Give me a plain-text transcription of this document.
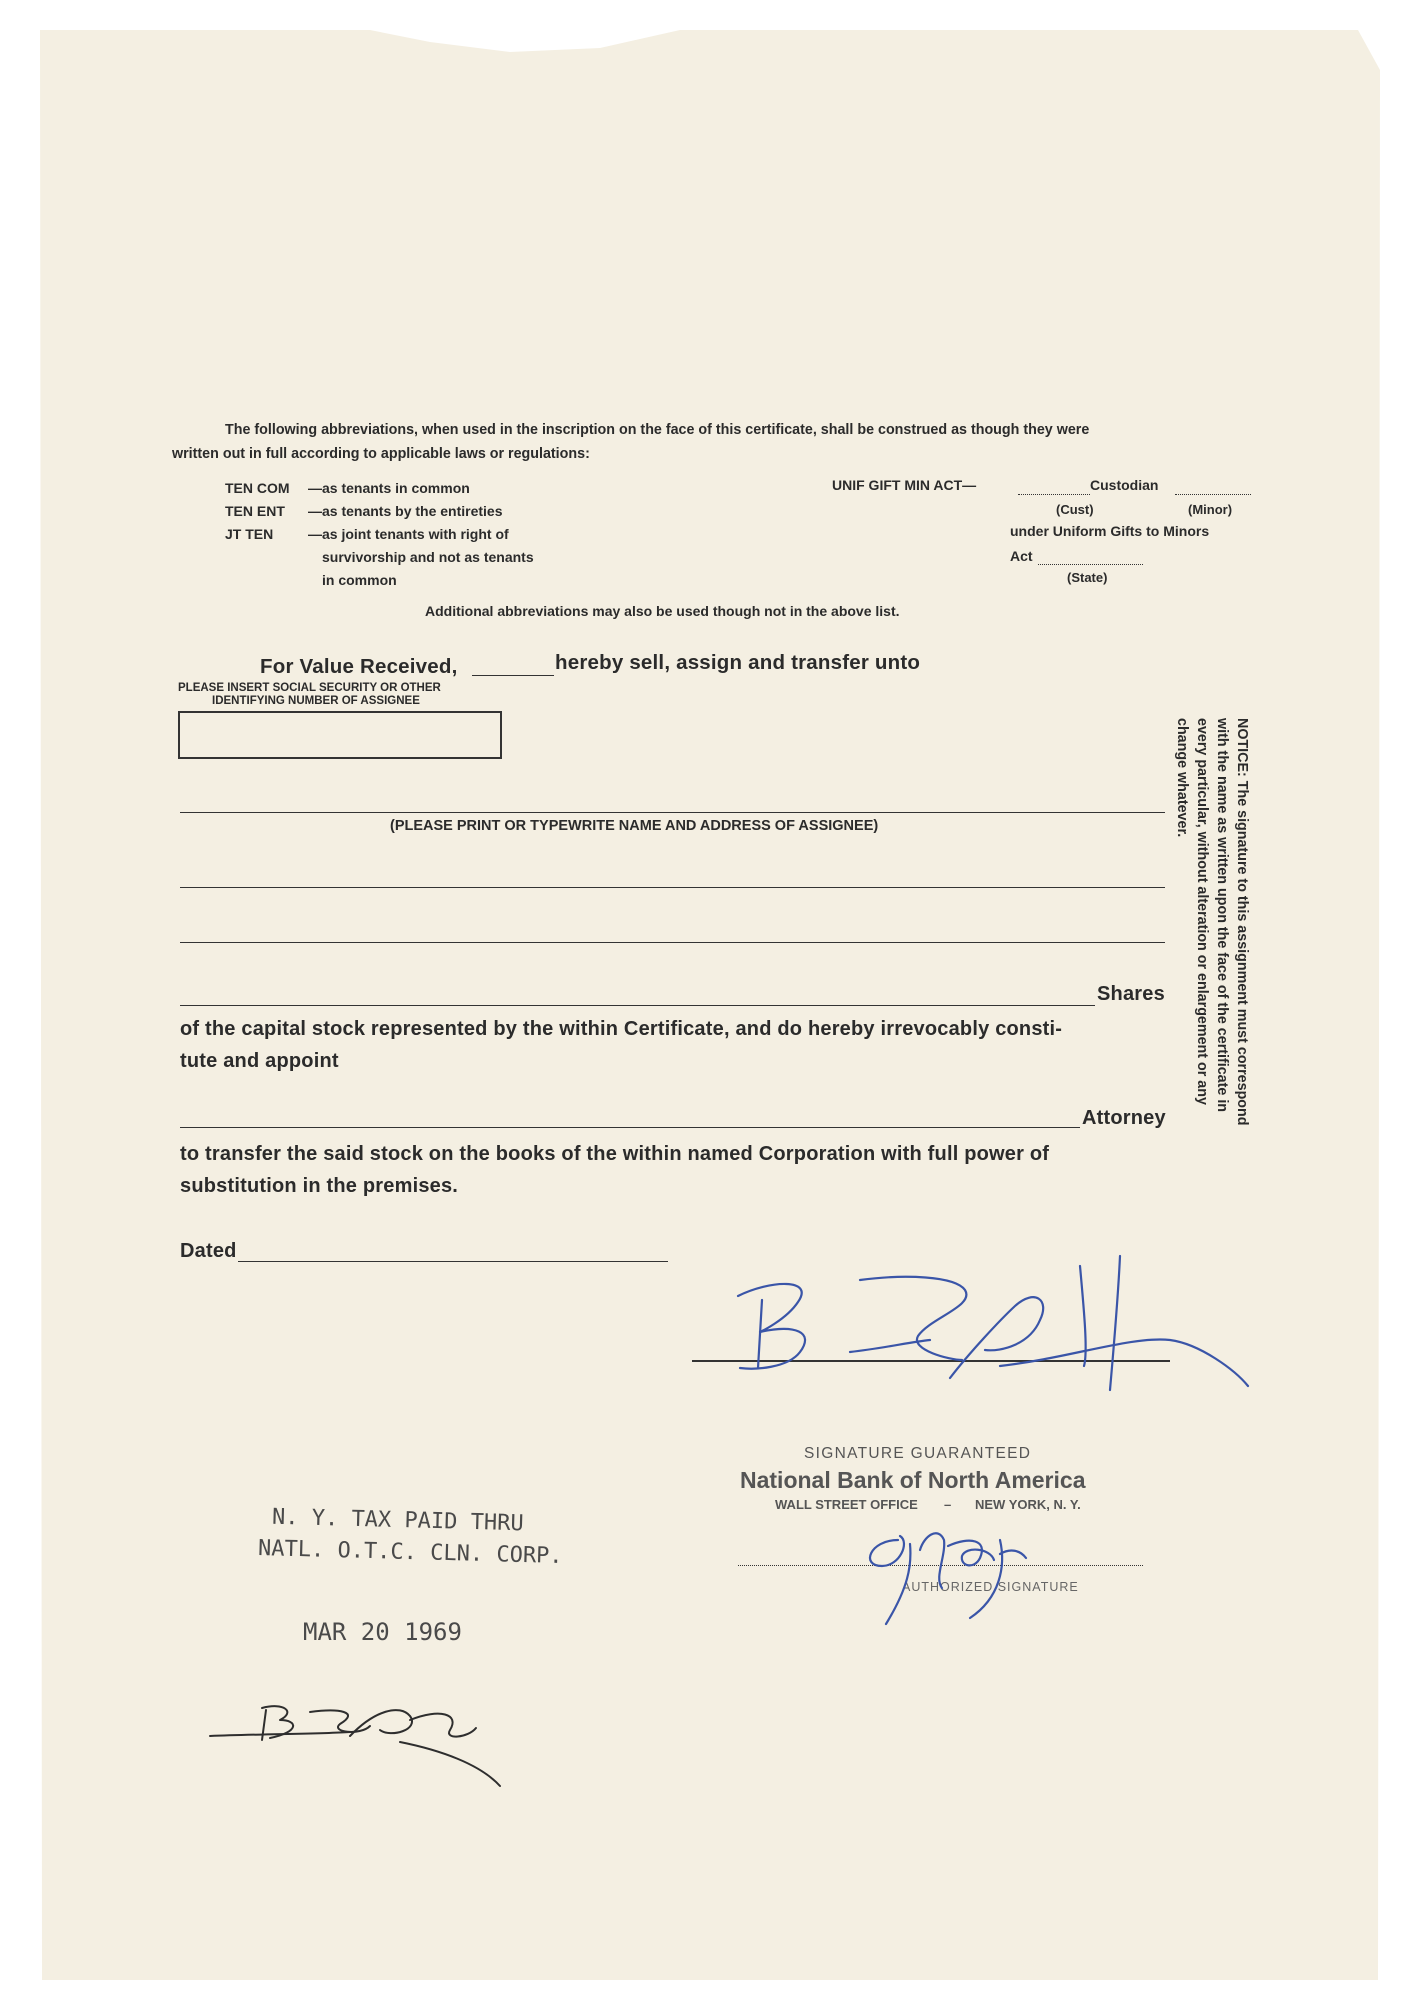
The following abbreviations, when used in the inscription on the face of this certificate, shall be construed as though they were
written out in full according to applicable laws or regulations:
TEN COM —as tenants in common
TEN ENT —as tenants by the entireties
JT TEN —as joint tenants with right of
survivorship and not as tenants
in common
UNIF GIFT MIN ACT—	Custodian
(Cust)	(Minor)
under Uniform Gifts to Minors
Act
(State)
Additional abbreviations may also be used though not in the above list.
For Value Received,	hereby sell, assign and transfer unto
PLEASE INSERT SOCIAL SECURITY OR OTHER
IDENTIFYING NUMBER OF ASSIGNEE
(PLEASE PRINT OR TYPEWRITE NAME AND ADDRESS OF ASSIGNEE)
Shares
of the capital stock represented by the within Certificate, and do hereby irrevocably consti-
tute and appoint
Attorney
to transfer the said stock on the books of the within named Corporation with full power of
substitution in the premises.
Dated
NOTICE: The signature to this assignment must correspond
with the name as written upon the face of the certificate in
every particular, without alteration or enlargement or any
change whatever.
SIGNATURE GUARANTEED
National Bank of North America
WALL STREET OFFICE – NEW YORK, N. Y.
AUTHORIZED SIGNATURE
N. Y. TAX PAID THRU
NATL. O.T.C. CLN. CORP.
MAR 20 1969
